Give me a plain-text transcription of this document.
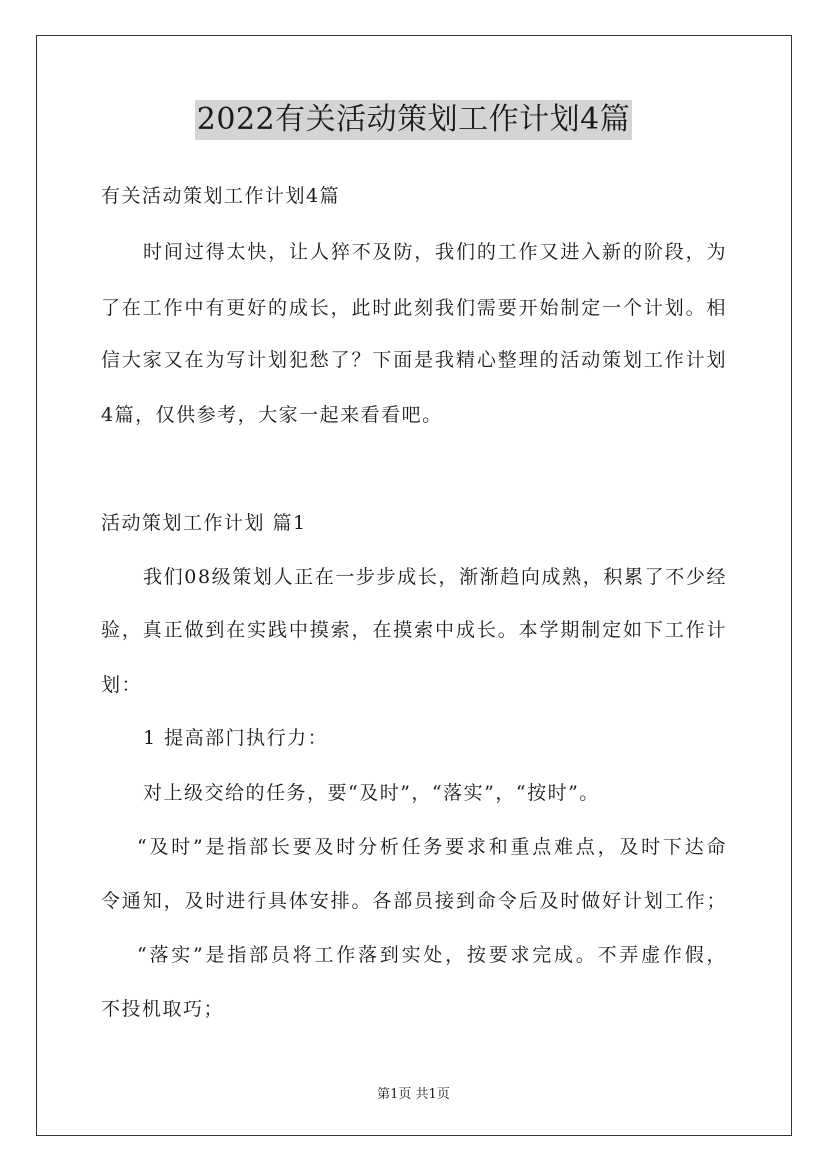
2022有关活动策划工作计划4篇
有关活动策划工作计划4篇
时间过得太快，让人猝不及防，我们的工作又进入新的阶段，为
了在工作中有更好的成长，此时此刻我们需要开始制定一个计划。相
信大家又在为写计划犯愁了？下面是我精心整理的活动策划工作计划
4篇，仅供参考，大家一起来看看吧。
活动策划工作计划 篇1
我们08级策划人正在一步步成长，渐渐趋向成熟，积累了不少经
验，真正做到在实践中摸索，在摸索中成长。本学期制定如下工作计
划：
1 提高部门执行力：
对上级交给的任务，要“及时”，“落实”，“按时”。
“及时”是指部长要及时分析任务要求和重点难点，及时下达命
令通知，及时进行具体安排。各部员接到命令后及时做好计划工作；
“落实”是指部员将工作落到实处，按要求完成。不弄虚作假，
不投机取巧；
第1页 共1页
